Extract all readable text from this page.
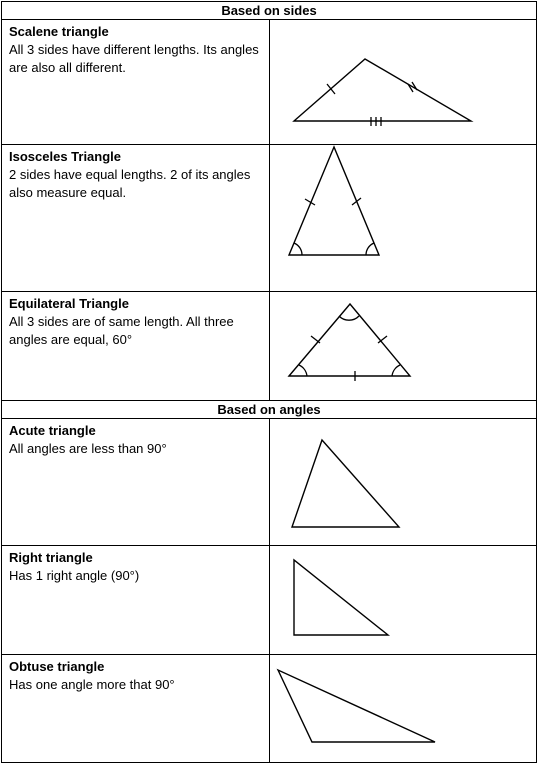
Based on sides	

Scalene triangle
All 3 sides have different lengths. Its angles are also all different.

Isosceles Triangle
2 sides have equal lengths. 2 of its angles also measure equal.

Equilateral Triangle
All 3 sides are of same length. All three angles are equal, 60°

Based on angles	

Acute triangle
All angles are less than 90°

Right triangle
Has 1 right angle (90°)

Obtuse triangle
Has one angle more that 90°
